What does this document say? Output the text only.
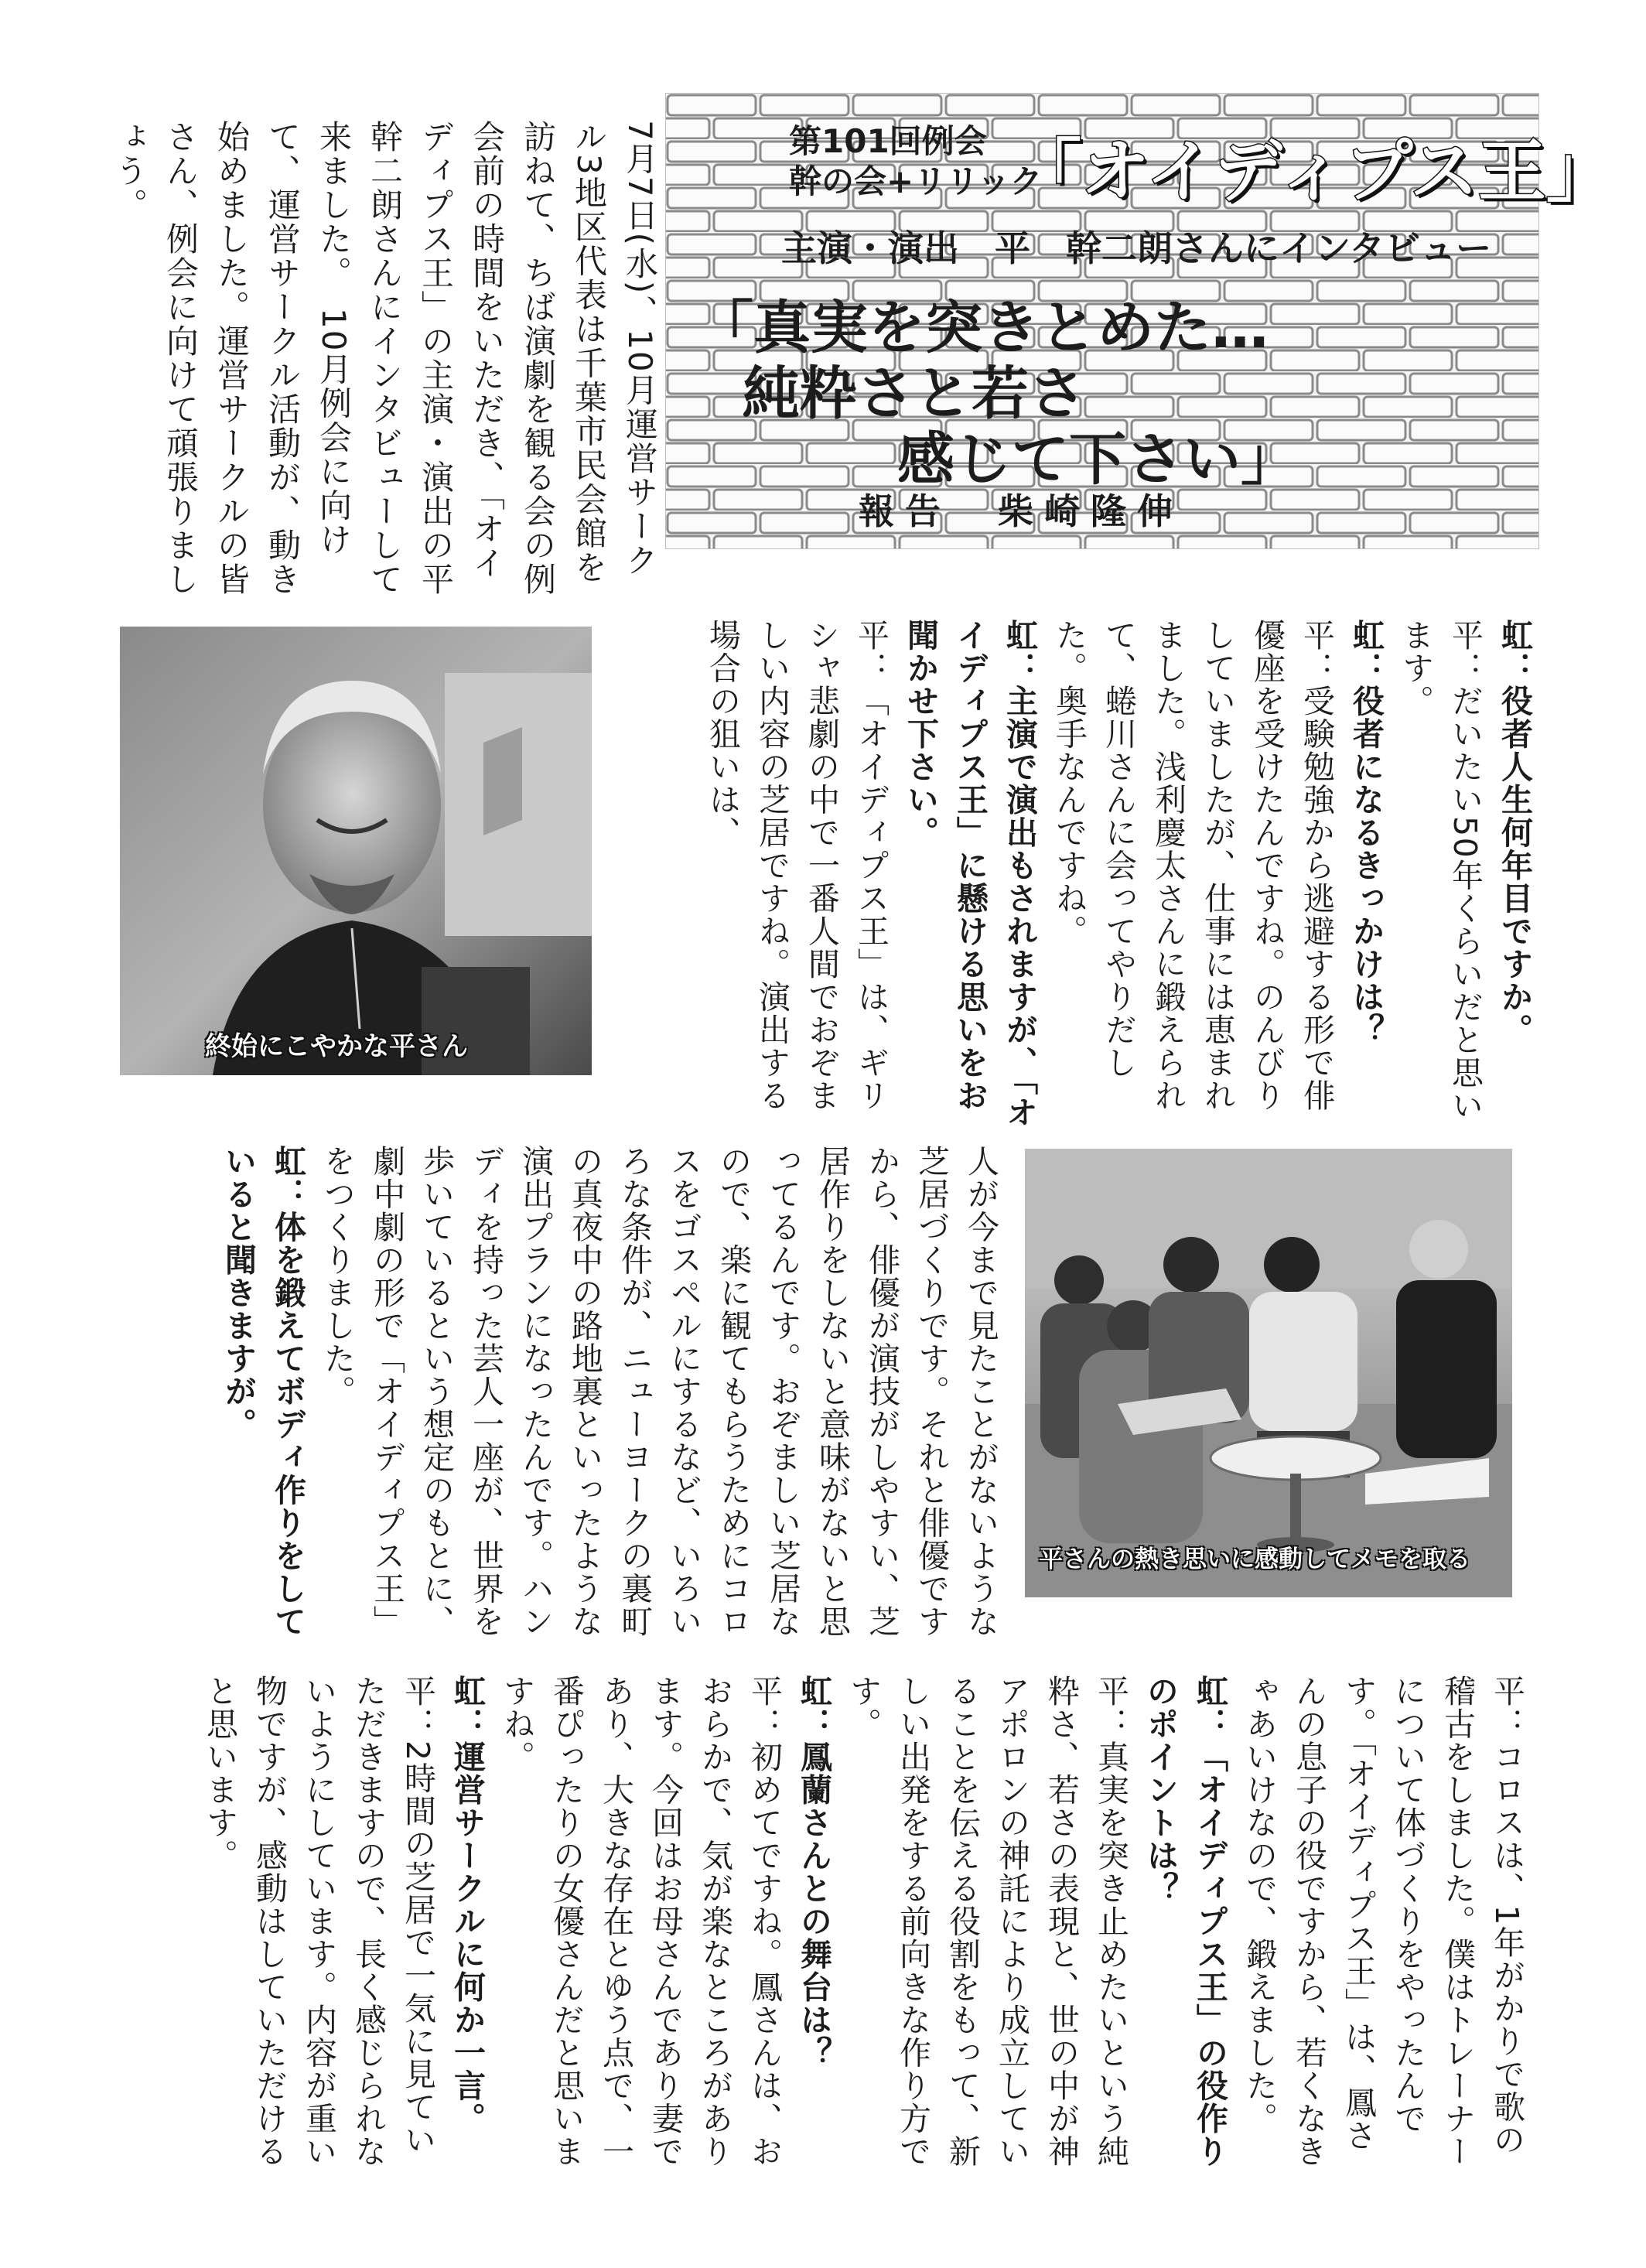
7月7日(水)、10月運営サークル3地区代表は千葉市民会館を訪ねて、ちば演劇を観る会の例会前の時間をいただき、「オイディプス王」の主演・演出の平幹二朗さんにインタビューして来ました。　10月例会に向けて、運営サークル活動が、動き始めました。運営サークルの皆さん、例会に向けて頑張りましょう。	第101回例会
幹の会+リリック
「オイディプス王」
主演・演出　平　幹二朗さんにインタビュー
「真実を突きとめた…
純粋さと若さ
感じて下さい」
報告　柴崎隆伸
終始にこやかな平さん

虹：役者人生何年目ですか。

平：だいたい50年くらいだと思います。

虹：役者になるきっかけは？

平：受験勉強から逃避する形で俳優座を受けたんですね。のんびりしていましたが、仕事には恵まれました。浅利慶太さんに鍛えられて、蜷川さんに会ってやりだした。奥手なんですね。

虹：主演で演出もされますが、「オイディプス王」に懸ける思いをお聞かせ下さい。

平：「オイディプス王」は、ギリシャ悲劇の中で一番人間でおぞましい内容の芝居ですね。演出する場合の狙いは、

平さんの熱き思いに感動してメモを取る

人が今まで見たことがないような芝居づくりです。それと俳優ですから、俳優が演技がしやすい、芝居作りをしないと意味がないと思ってるんです。おぞましい芝居なので、楽に観てもらうためにコロスをゴスペルにするなど、いろいろな条件が、ニューヨークの裏町の真夜中の路地裏といったような演出プランになったんです。ハンディを持った芸人一座が、世界を歩いているという想定のもとに、劇中劇の形で「オイディプス王」をつくりました。

虹：体を鍛えてボディ作りをしていると聞きますが。

平：コロスは、1年がかりで歌の稽古をしました。僕はトレーナーについて体づくりをやったんです。「オイディプス王」は、鳳さんの息子の役ですから、若くなきゃあいけなので、鍛えました。

虹：「オイディプス王」の役作りのポイントは？

平：真実を突き止めたいという純粋さ、若さの表現と、世の中が神アポロンの神託により成立していることを伝える役割をもって、新しい出発をする前向きな作り方です。

虹：鳳蘭さんとの舞台は？

平：初めてですね。鳳さんは、おおらかで、気が楽なところがあります。今回はお母さんであり妻であり、大きな存在とゆう点で、一番ぴったりの女優さんだと思いますね。

虹：運営サークルに何か一言。

平：2時間の芝居で一気に見ていただきますので、長く感じられないようにしています。内容が重い物ですが、感動はしていただけると思います。
